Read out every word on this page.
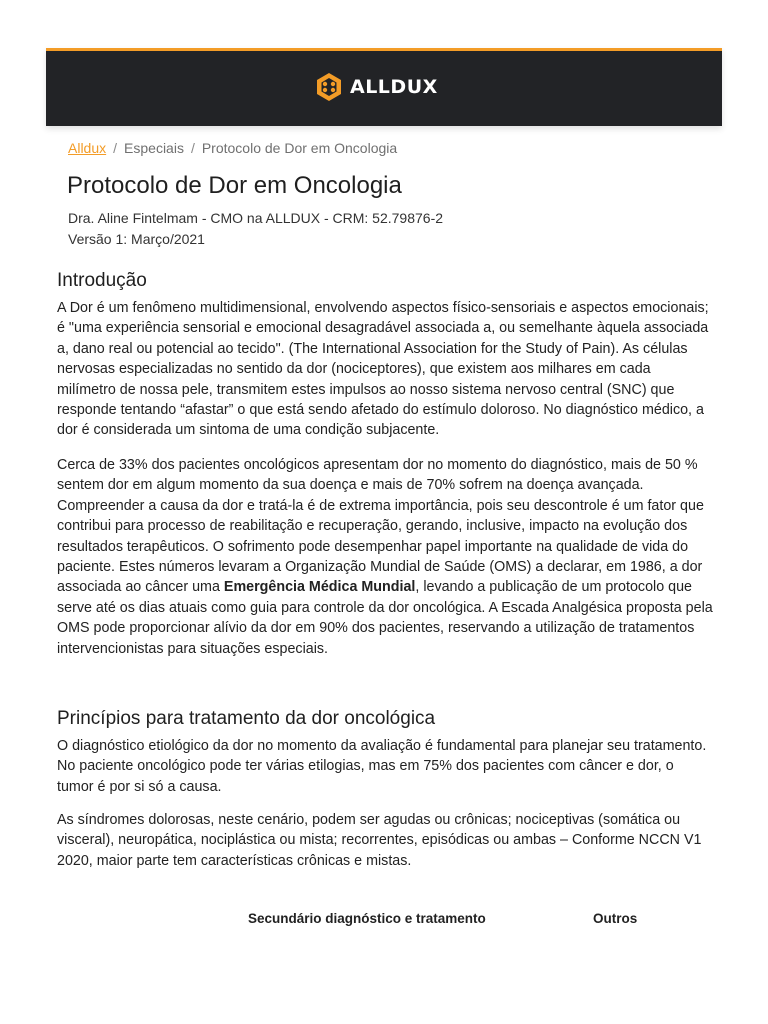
ALLDUX
Alldux / Especiais / Protocolo de Dor em Oncologia
Protocolo de Dor em Oncologia
Dra. Aline Fintelmam - CMO na ALLDUX - CRM: 52.79876-2
Versão 1: Março/2021
Introdução

A Dor é um fenômeno multidimensional, envolvendo aspectos físico-sensoriais e aspectos emocionais; é "uma experiência sensorial e emocional desagradável associada a, ou semelhante àquela associada a, dano real ou potencial ao tecido". (The International Association for the Study of Pain). As células nervosas especializadas no sentido da dor (nociceptores), que existem aos milhares em cada milímetro de nossa pele, transmitem estes impulsos ao nosso sistema nervoso central (SNC) que responde tentando “afastar” o que está sendo afetado do estímulo doloroso. No diagnóstico médico, a dor é considerada um sintoma de uma condição subjacente.

Cerca de 33% dos pacientes oncológicos apresentam dor no momento do diagnóstico, mais de 50 % sentem dor em algum momento da sua doença e mais de 70% sofrem na doença avançada. Compreender a causa da dor e tratá-la é de extrema importância, pois seu descontrole é um fator que contribui para processo de reabilitação e recuperação, gerando, inclusive, impacto na evolução dos resultados terapêuticos. O sofrimento pode desempenhar papel importante na qualidade de vida do paciente. Estes números levaram a Organização Mundial de Saúde (OMS) a declarar, em 1986, a dor associada ao câncer uma Emergência Médica Mundial, levando a publicação de um protocolo que serve até os dias atuais como guia para controle da dor oncológica. A Escada Analgésica proposta pela OMS pode proporcionar alívio da dor em 90% dos pacientes, reservando a utilização de tratamentos intervencionistas para situações especiais.

Princípios para tratamento da dor oncológica

O diagnóstico etiológico da dor no momento da avaliação é fundamental para planejar seu tratamento. No paciente oncológico pode ter várias etilogias, mas em 75% dos pacientes com câncer e dor, o tumor é por si só a causa.

As síndromes dolorosas, neste cenário, podem ser agudas ou crônicas; nociceptivas (somática ou visceral), neuropática, nociplástica ou mista; recorrentes, episódicas ou ambas – Conforme NCCN V1 2020, maior parte tem características crônicas e mistas.

Secundário diagnóstico e tratamento	Outros
